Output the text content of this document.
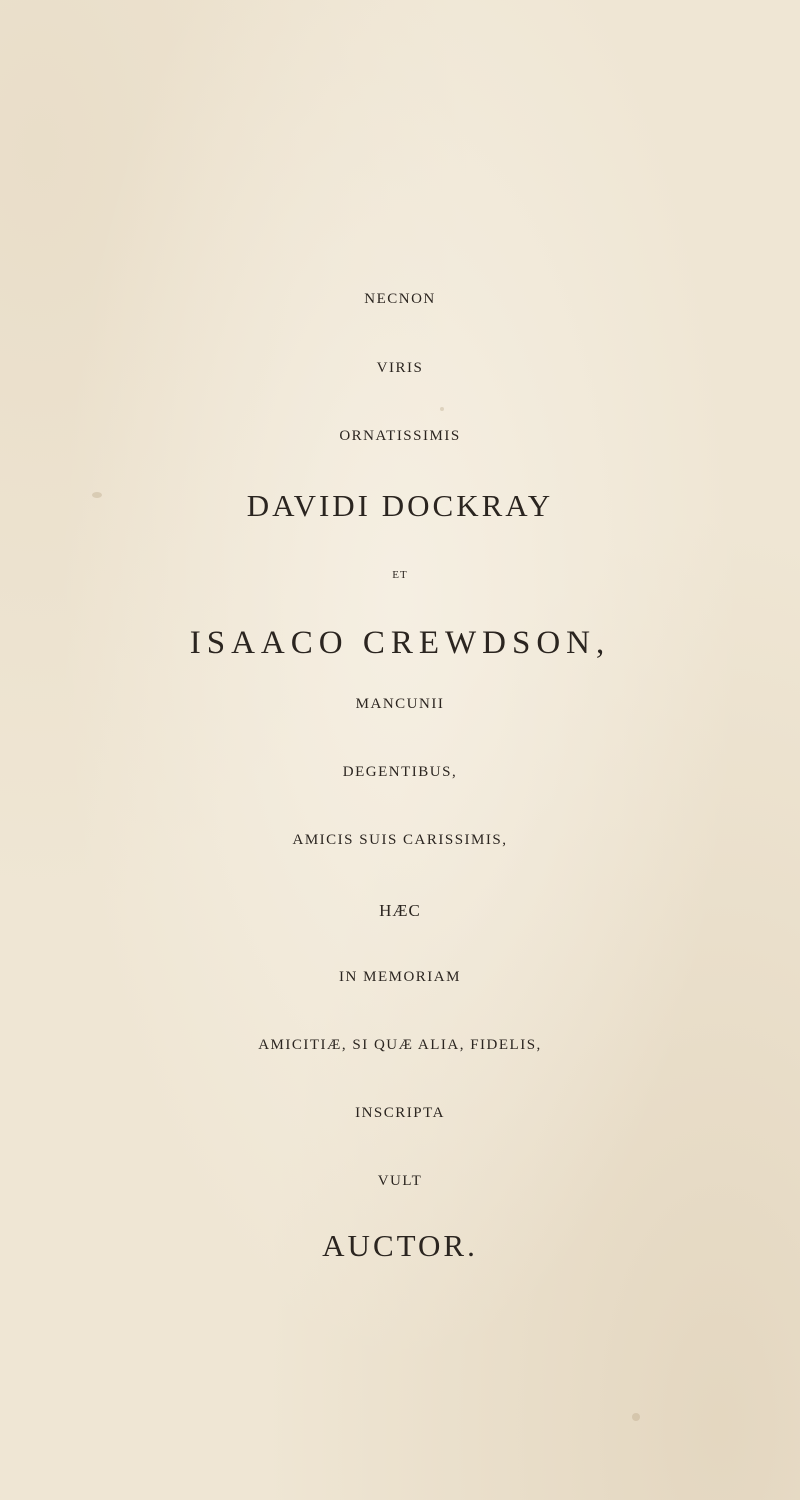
NECNON
VIRIS
ORNATISSIMIS
DAVIDI DOCKRAY
ET
ISAACO CREWDSON,
MANCUNII
DEGENTIBUS,
AMICIS SUIS CARISSIMIS,
HÆC
IN MEMORIAM
AMICITIÆ, SI QUÆ ALIA, FIDELIS,
INSCRIPTA
VULT
AUCTOR.
